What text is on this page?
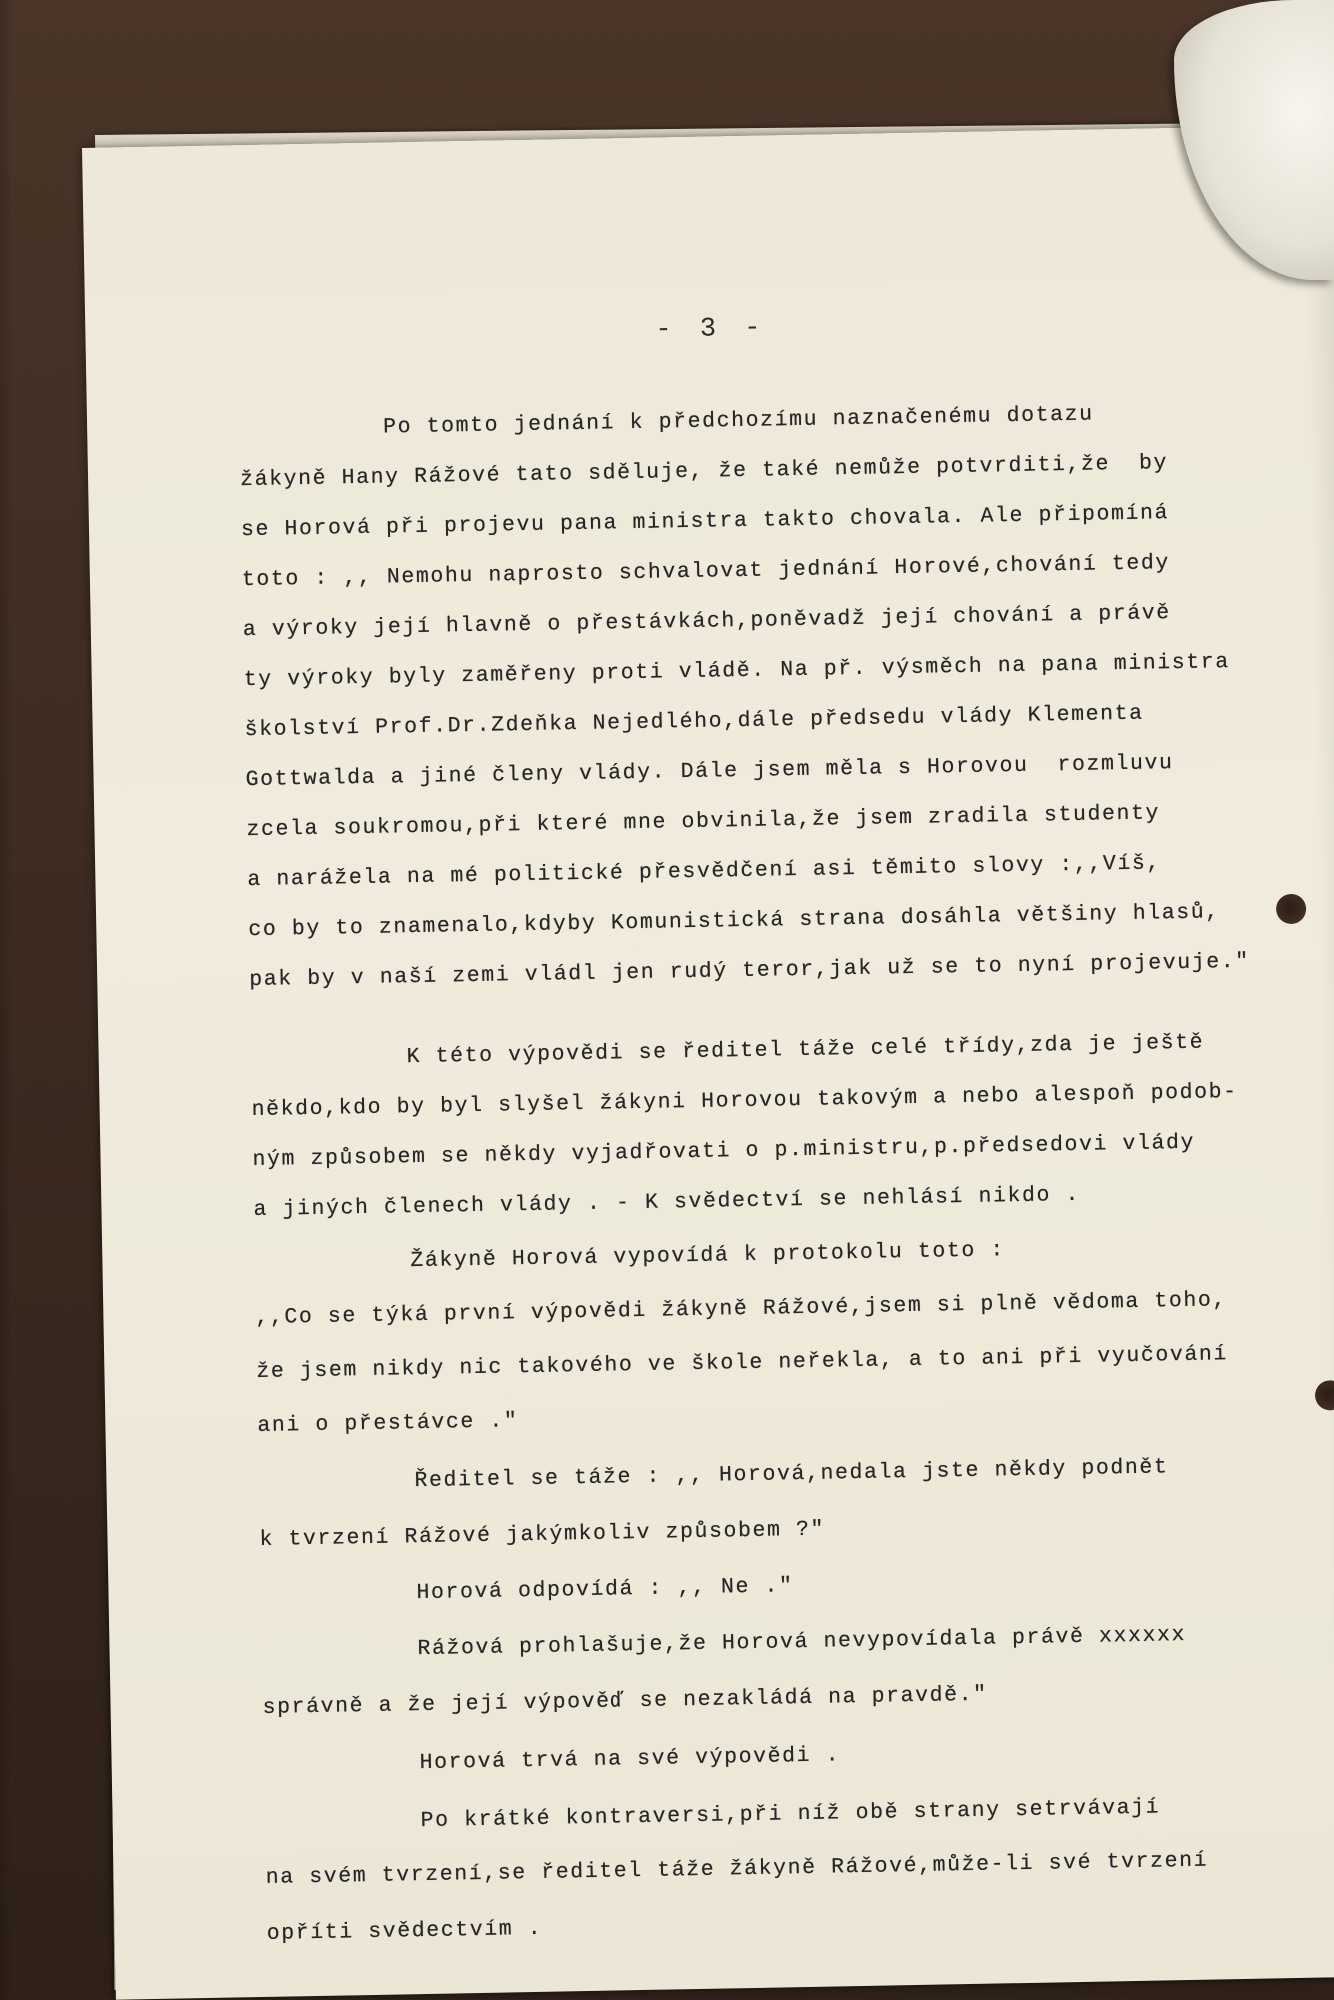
- 3 -
Po tomto jednání k předchozímu naznačenému dotazu
žákyně Hany Rážové tato sděluje, že také nemůže potvrditi,že  by
se Horová při projevu pana ministra takto chovala. Ale připomíná
toto : ,, Nemohu naprosto schvalovat jednání Horové,chování tedy
a výroky její hlavně o přestávkách,poněvadž její chování a právě
ty výroky byly zaměřeny proti vládě. Na př. výsměch na pana ministra
školství Prof.Dr.Zdeňka Nejedlého,dále předsedu vlády Klementa
Gottwalda a jiné členy vlády. Dále jsem měla s Horovou  rozmluvu
zcela soukromou,při které mne obvinila,že jsem zradila studenty
a narážela na mé politické přesvědčení asi těmito slovy :,,Víš,
co by to znamenalo,kdyby Komunistická strana dosáhla většiny hlasů,
pak by v naší zemi vládl jen rudý teror,jak už se to nyní projevuje."
K této výpovědi se ředitel táže celé třídy,zda je ještě
někdo,kdo by byl slyšel žákyni Horovou takovým a nebo alespoň podob-
ným způsobem se někdy vyjadřovati o p.ministru,p.předsedovi vlády
a jiných členech vlády . - K svědectví se nehlásí nikdo .
Žákyně Horová vypovídá k protokolu toto :
,,Co se týká první výpovědi žákyně Rážové,jsem si plně vědoma toho,
že jsem nikdy nic takového ve škole neřekla, a to ani při vyučování
ani o přestávce ."
Ředitel se táže : ,, Horová,nedala jste někdy podnět
k tvrzení Rážové jakýmkoliv způsobem ?"
Horová odpovídá : ,, Ne ."
Rážová prohlašuje,že Horová nevypovídala právě xxxxxx
správně a že její výpověď se nezakládá na pravdě."
Horová trvá na své výpovědi .
Po krátké kontraversi,při níž obě strany setrvávají
na svém tvrzení,se ředitel táže žákyně Rážové,může-li své tvrzení
opříti svědectvím .
